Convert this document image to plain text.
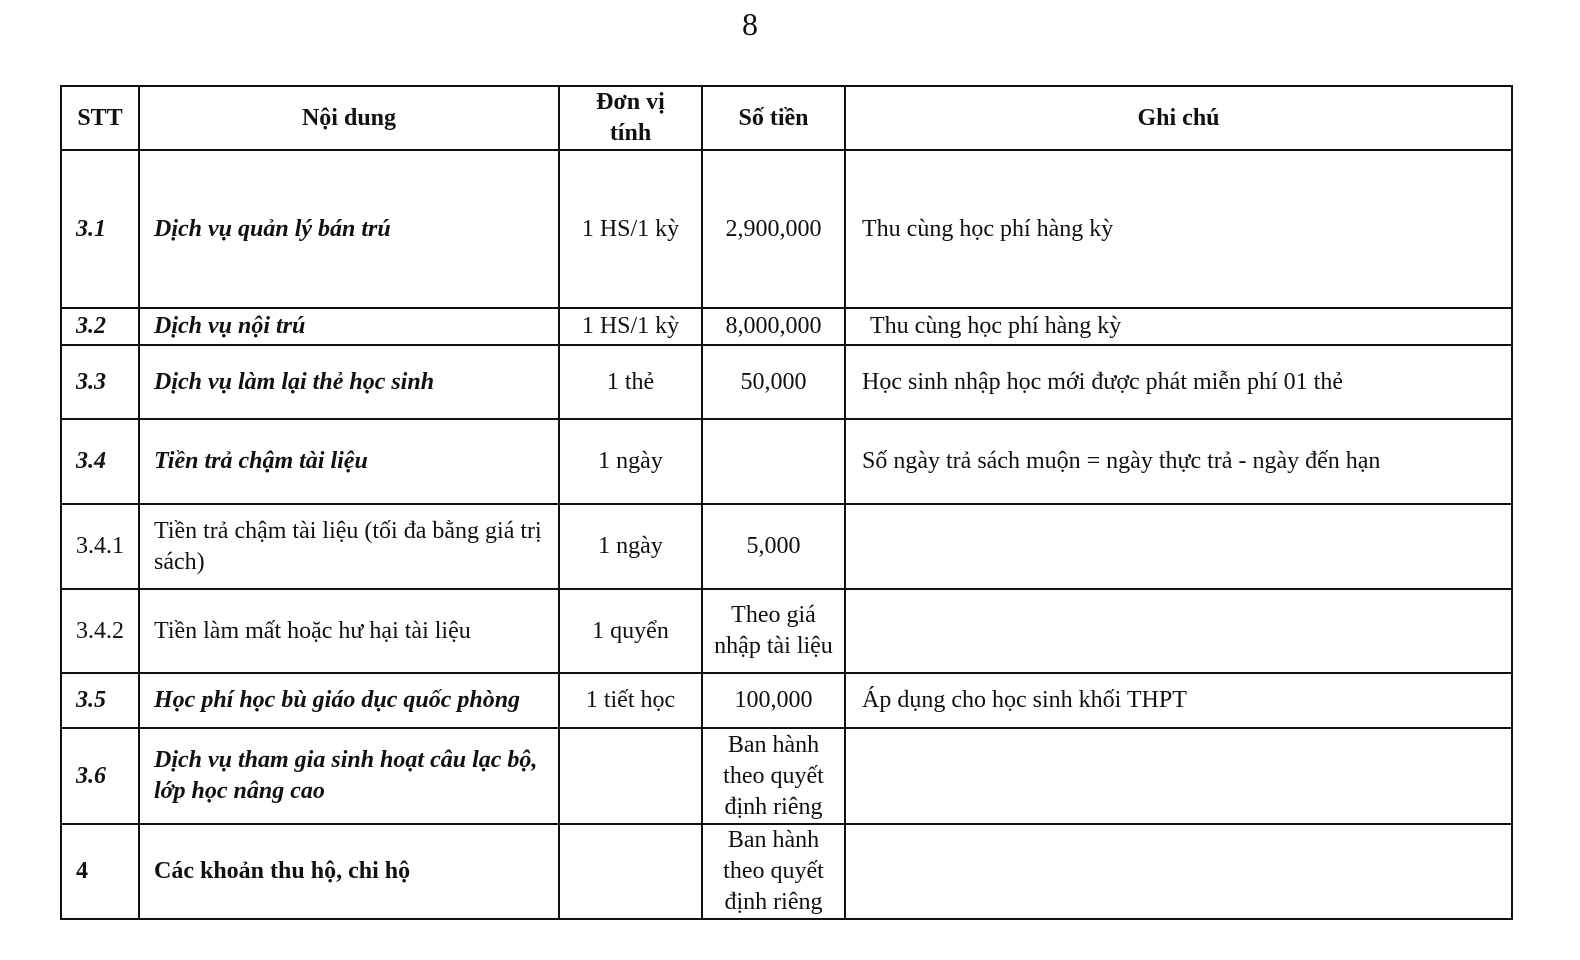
8
STT	Nội dung	Đơn vị tính	Số tiền	Ghi chú
3.1	Dịch vụ quản lý bán trú	1 HS/1 kỳ	2,900,000	Thu cùng học phí hàng kỳ
3.2	Dịch vụ nội trú	1 HS/1 kỳ	8,000,000	Thu cùng học phí hàng kỳ
3.3	Dịch vụ làm lại thẻ học sinh	1 thẻ	50,000	Học sinh nhập học mới được phát miễn phí 01 thẻ
3.4	Tiền trả chậm tài liệu	1 ngày		Số ngày trả sách muộn = ngày thực trả - ngày đến hạn
3.4.1	Tiền trả chậm tài liệu (tối đa bằng giá trị sách)	1 ngày	5,000	
3.4.2	Tiền làm mất hoặc hư hại tài liệu	1 quyển	Theo giá nhập tài liệu	
3.5	Học phí học bù giáo dục quốc phòng	1 tiết học	100,000	Áp dụng cho học sinh khối THPT
3.6	Dịch vụ tham gia sinh hoạt câu lạc bộ, lớp học nâng cao		Ban hành theo quyết định riêng	
4	Các khoản thu hộ, chi hộ		Ban hành theo quyết định riêng	
